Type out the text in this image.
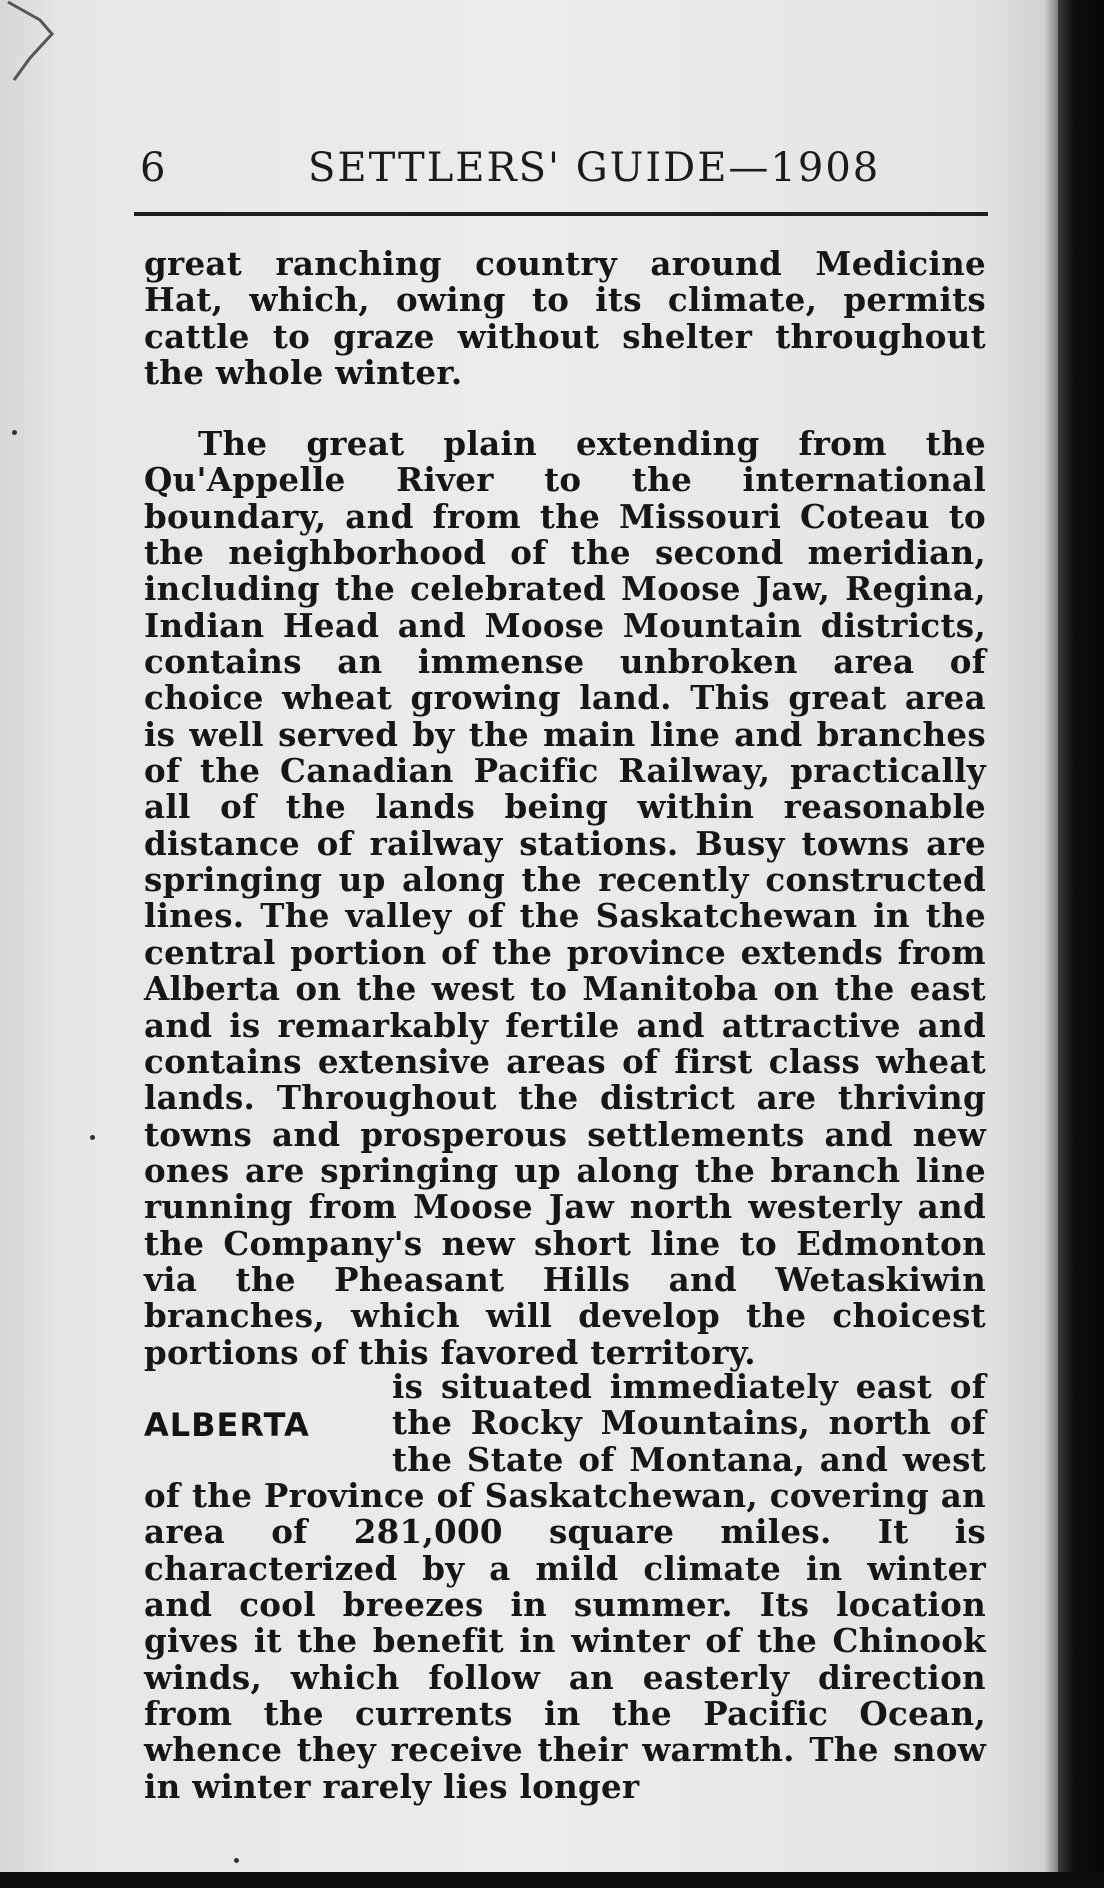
6	SETTLERS' GUIDE—1908
great ranching country around Medicine Hat, which, owing to its climate, permits cattle to graze without shelter throughout the whole winter.
The great plain extending from the Qu'Appelle River to the international boundary, and from the Missouri Coteau to the neighborhood of the second meridian, including the celebrated Moose Jaw, Regina, Indian Head and Moose Mountain districts, contains an immense unbroken area of choice wheat growing land. This great area is well served by the main line and branches of the Canadian Pacific Railway, practically all of the lands being within reasonable distance of railway stations. Busy towns are springing up along the recently constructed lines. The valley of the Saskatchewan in the central portion of the province extends from Alberta on the west to Manitoba on the east and is remarkably fertile and attractive and contains extensive areas of first class wheat lands. Throughout the district are thriving towns and prosperous settlements and new ones are springing up along the branch line running from Moose Jaw north westerly and the Company's new short line to Edmonton via the Pheasant Hills and Wetaskiwin branches, which will develop the choicest portions of this favored territory.
ALBERTA
is situated immediately east of
the Rocky Mountains, north of
the State of Montana, and west
of the Province of Saskatchewan, covering an area of 281,000 square miles. It is characterized by a mild climate in winter and cool breezes in summer. Its location gives it the benefit in winter of the Chinook winds, which follow an easterly direction from the currents in the Pacific Ocean, whence they receive their warmth. The snow in winter rarely lies longer
